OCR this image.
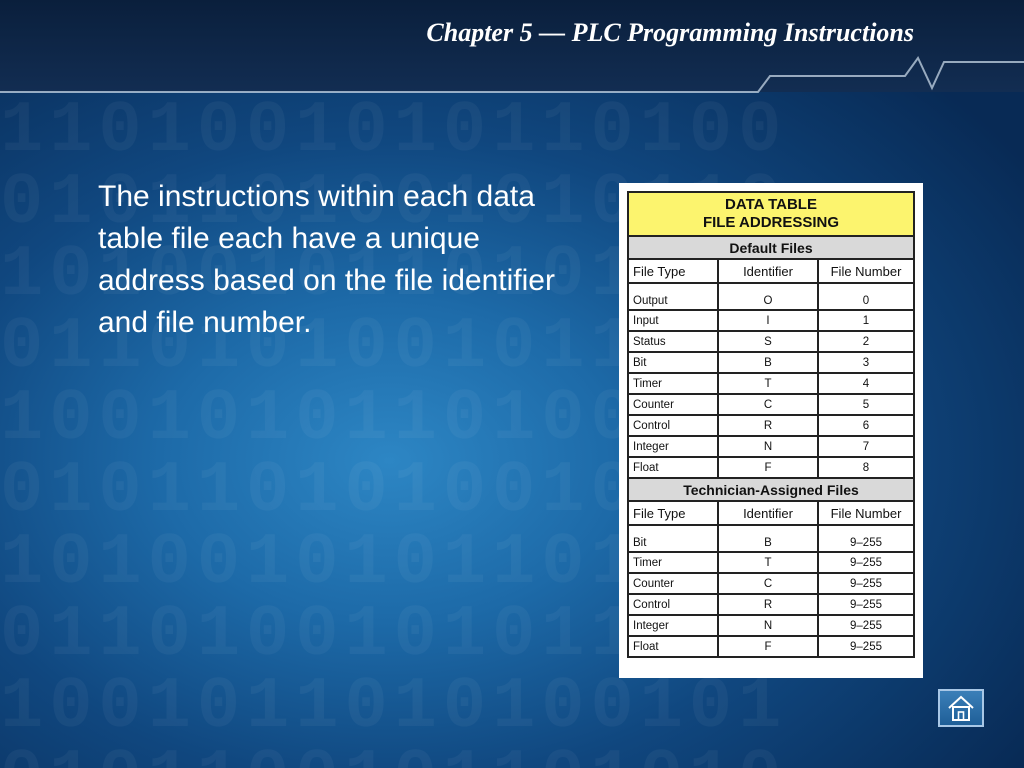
Chapter 5 — PLC Programming Instructions
The instructions within each data table file each have a unique address based on the file identifier and file number.
DATA TABLE
FILE ADDRESSING		
Default Files		
File Type	Identifier	File Number
Output	O	0
Input	I	1
Status	S	2
Bit	B	3
Timer	T	4
Counter	C	5
Control	R	6
Integer	N	7
Float	F	8
Technician-Assigned Files		
File Type	Identifier	File Number
Bit	B	9–255
Timer	T	9–255
Counter	C	9–255
Control	R	9–255
Integer	N	9–255
Float	F	9–255
